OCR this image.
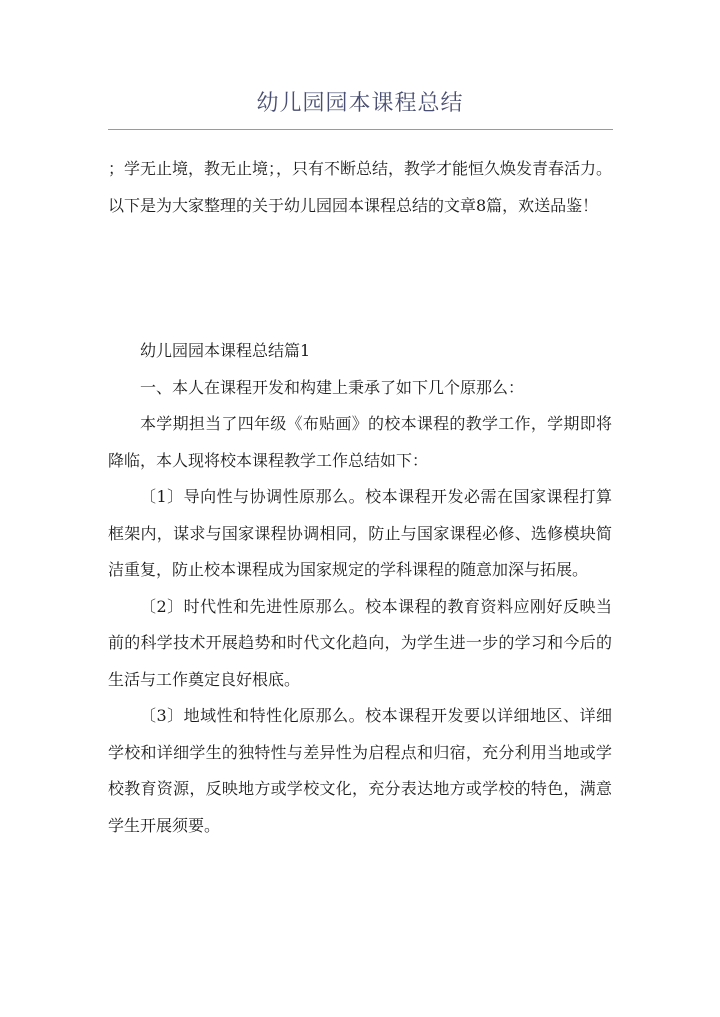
幼儿园园本课程总结

；学无止境，教无止境；，只有不断总结，教学才能恒久焕发青春活力。以下是为大家整理的关于幼儿园园本课程总结的文章8篇，欢送品鉴！

幼儿园园本课程总结篇1

一、本人在课程开发和构建上秉承了如下几个原那么：

本学期担当了四年级《布贴画》的校本课程的教学工作，学期即将降临，本人现将校本课程教学工作总结如下：

〔1〕导向性与协调性原那么。校本课程开发必需在国家课程打算框架内，谋求与国家课程协调相同，防止与国家课程必修、选修模块简洁重复，防止校本课程成为国家规定的学科课程的随意加深与拓展。

〔2〕时代性和先进性原那么。校本课程的教育资料应刚好反映当前的科学技术开展趋势和时代文化趋向，为学生进一步的学习和今后的生活与工作奠定良好根底。

〔3〕地域性和特性化原那么。校本课程开发要以详细地区、详细学校和详细学生的独特性与差异性为启程点和归宿，充分利用当地或学校教育资源，反映地方或学校文化，充分表达地方或学校的特色，满意学生开展须要。
